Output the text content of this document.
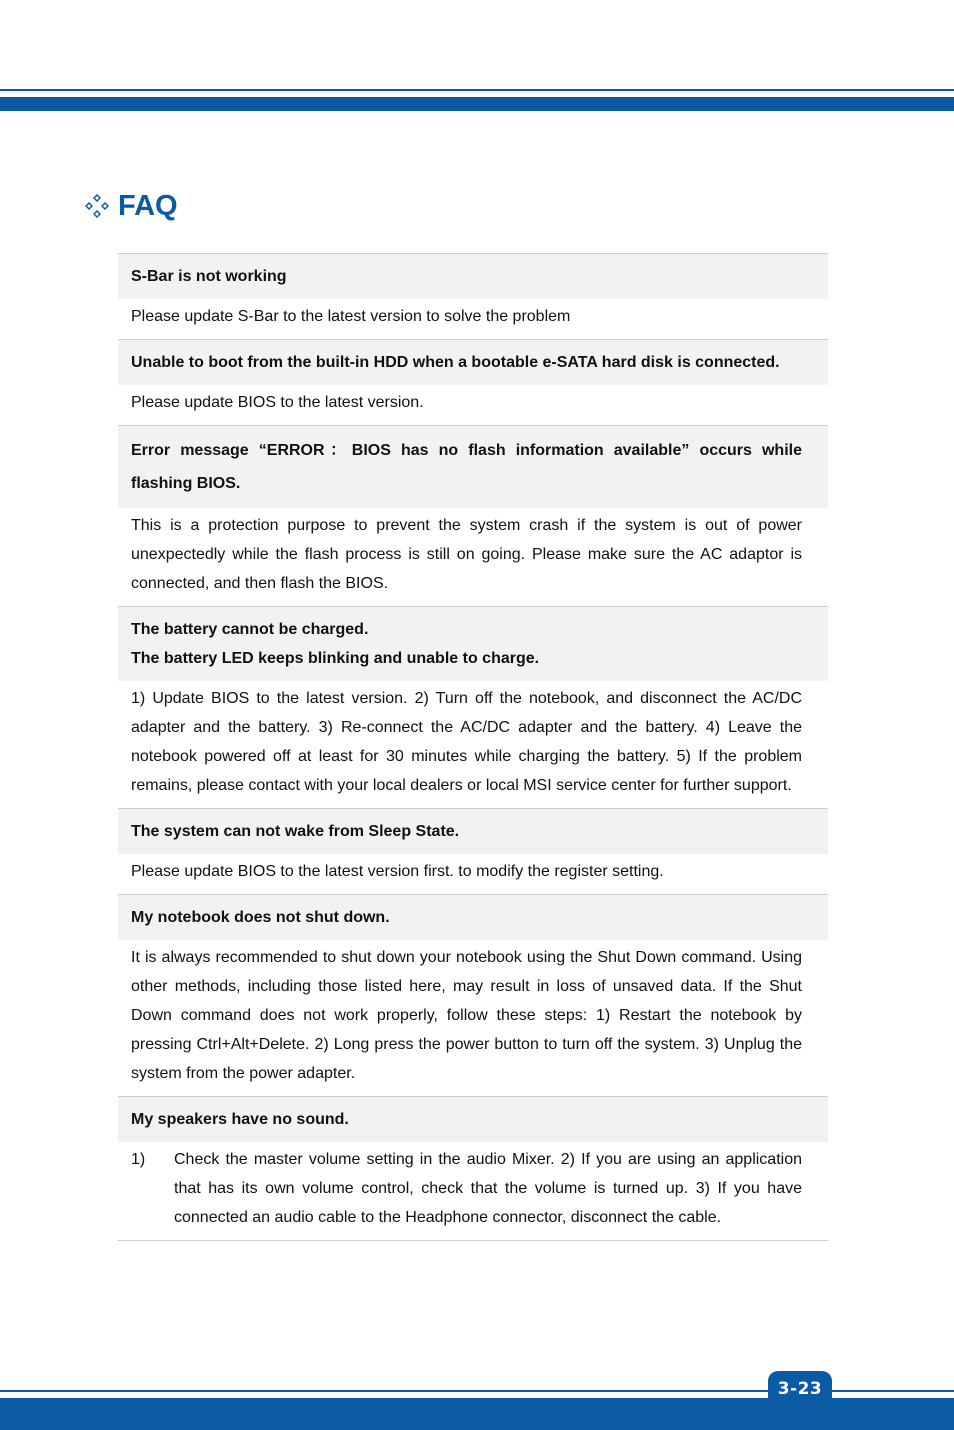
FAQ
S-Bar is not working
Please update S-Bar to the latest version to solve the problem
Unable to boot from the built-in HDD when a bootable e-SATA hard disk is connected.
Please update BIOS to the latest version.
Error message “ERROR：BIOS has no flash information available” occurs while flashing BIOS.
This is a protection purpose to prevent the system crash if the system is out of power unexpectedly while the flash process is still on going. Please make sure the AC adaptor is connected, and then flash the BIOS.
The battery cannot be charged.
The battery LED keeps blinking and unable to charge.
1) Update BIOS to the latest version. 2) Turn off the notebook, and disconnect the AC/DC adapter and the battery. 3) Re-connect the AC/DC adapter and the battery. 4) Leave the notebook powered off at least for 30 minutes while charging the battery. 5) If the problem remains, please contact with your local dealers or local MSI service center for further support.
The system can not wake from Sleep State.
Please update BIOS to the latest version first. to modify the register setting.
My notebook does not shut down.
It is always recommended to shut down your notebook using the Shut Down command. Using other methods, including those listed here, may result in loss of unsaved data. If the Shut Down command does not work properly, follow these steps: 1) Restart the notebook by pressing Ctrl+Alt+Delete. 2) Long press the power button to turn off the system. 3) Unplug the system from the power adapter.
My speakers have no sound.
1)	Check the master volume setting in the audio Mixer. 2) If you are using an application that has its own volume control, check that the volume is turned up. 3) If you have connected an audio cable to the Headphone connector, disconnect the cable.
3-23
